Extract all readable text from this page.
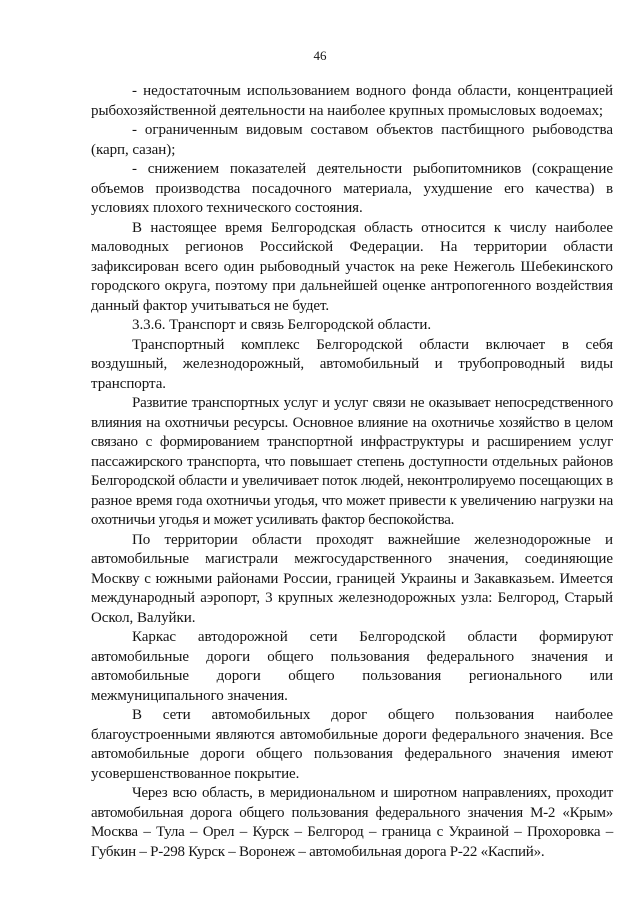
46

- недостаточным использованием водного фонда области, концентрацией рыбохозяйственной деятельности на наиболее крупных промысловых водоемах;

- ограниченным видовым составом объектов пастбищного рыбоводства (карп, сазан);

- снижением показателей деятельности рыбопитомников (сокращение объемов производства посадочного материала, ухудшение его качества) в условиях плохого технического состояния.

В настоящее время Белгородская область относится к числу наиболее маловодных регионов Российской Федерации. На территории области зафиксирован всего один рыбоводный участок на реке Нежеголь Шебекинского городского округа, поэтому при дальнейшей оценке антропогенного воздействия данный фактор учитываться не будет.

3.3.6. Транспорт и связь Белгородской области.

Транспортный комплекс Белгородской области включает в себя воздушный, железнодорожный, автомобильный и трубопроводный виды транспорта.

Развитие транспортных услуг и услуг связи не оказывает непосредственного влияния на охотничьи ресурсы. Основное влияние на охотничье хозяйство в целом связано с формированием транспортной инфраструктуры и расширением услуг пассажирского транспорта, что повышает степень доступности отдельных районов Белгородской области и увеличивает поток людей, неконтролируемо посещающих в разное время года охотничьи угодья, что может привести к увеличению нагрузки на охотничьи угодья и может усиливать фактор беспокойства.

По территории области проходят важнейшие железнодорожные и автомобильные магистрали межгосударственного значения, соединяющие Москву с южными районами России, границей Украины и Закавказьем. Имеется международный аэропорт, 3 крупных железнодорожных узла: Белгород, Старый Оскол, Валуйки.

Каркас автодорожной сети Белгородской области формируют автомобильные дороги общего пользования федерального значения и автомобильные дороги общего пользования регионального или межмуниципального значения.

В сети автомобильных дорог общего пользования наиболее благоустроенными являются автомобильные дороги федерального значения. Все автомобильные дороги общего пользования федерального значения имеют усовершенствованное покрытие.

Через всю область, в меридиональном и широтном направлениях, проходит автомобильная дорога общего пользования федерального значения М-2 «Крым» Москва – Тула – Орел – Курск – Белгород – граница с Украиной – Прохоровка – Губкин – Р-298 Курск – Воронеж – автомобильная дорога Р-22 «Каспий».
